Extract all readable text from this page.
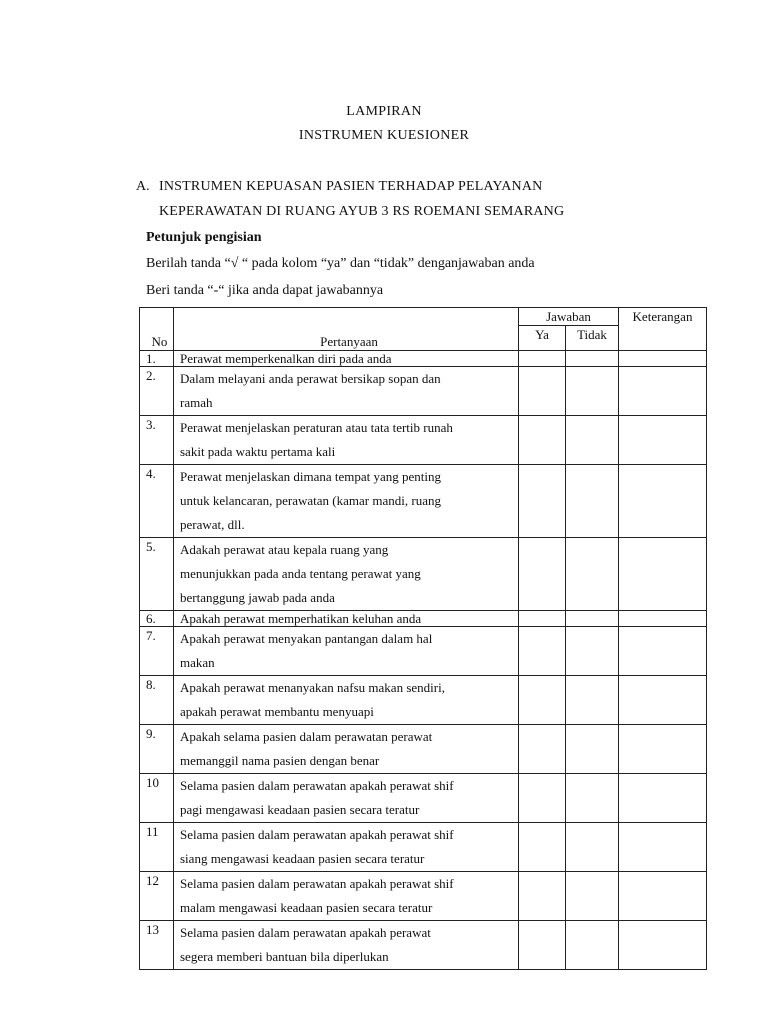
LAMPIRAN
INSTRUMEN KUESIONER
A. INSTRUMEN KEPUASAN PASIEN TERHADAP PELAYANAN
KEPERAWATAN DI RUANG AYUB 3 RS ROEMANI SEMARANG
Petunjuk pengisian
Berilah tanda “√ “ pada kolom “ya” dan “tidak” denganjawaban anda
Beri tanda “-“ jika anda dapat jawabannya
No	Pertanyaan	Jawaban		Keterangan
		Ya	Tidak	
1.	Perawat memperkenalkan diri pada anda			

2.	Dalam melayani anda perawat bersikap sopan dan
ramah			

3.	Perawat menjelaskan peraturan atau tata tertib runah
sakit pada waktu pertama kali			

4.	Perawat menjelaskan dimana tempat yang penting
untuk kelancaran, perawatan (kamar mandi, ruang
perawat, dll.			

5.	Adakah perawat atau kepala ruang yang
menunjukkan pada anda tentang perawat yang
bertanggung jawab pada anda			

6.	Apakah perawat memperhatikan keluhan anda			

7.	Apakah perawat menyakan pantangan dalam hal
makan			

8.	Apakah perawat menanyakan nafsu makan sendiri,
apakah perawat membantu menyuapi			

9.	Apakah selama pasien dalam perawatan perawat
memanggil nama pasien dengan benar			

10	Selama pasien dalam perawatan apakah perawat shif
pagi mengawasi keadaan pasien secara teratur			

11	Selama pasien dalam perawatan apakah perawat shif
siang mengawasi keadaan pasien secara teratur			

12	Selama pasien dalam perawatan apakah perawat shif
malam mengawasi keadaan pasien secara teratur			

13	Selama pasien dalam perawatan apakah perawat
segera memberi bantuan bila diperlukan			
